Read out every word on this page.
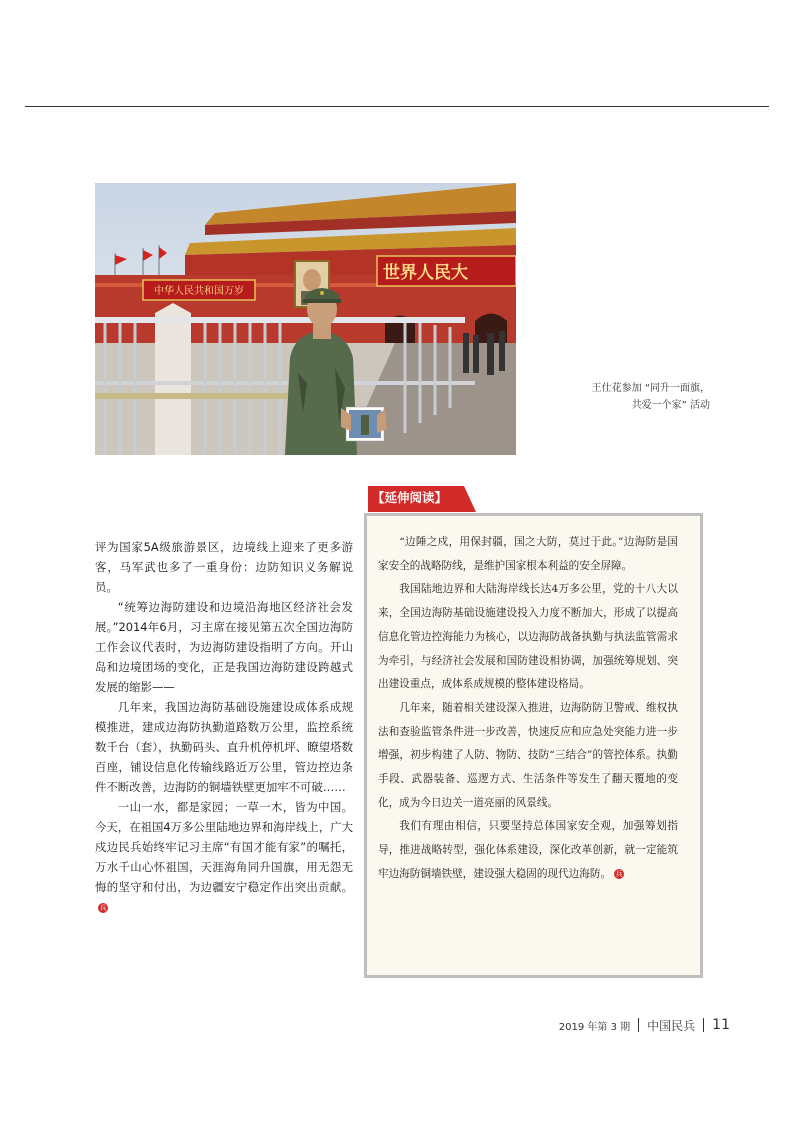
中华人民共和国万岁
世界人民大
王仕花参加 “同升一面旗，
共爱一个家” 活动

评为国家5A级旅游景区，边境线上迎来了更多游客，马军武也多了一重身份：边防知识义务解说员。

“统筹边海防建设和边境沿海地区经济社会发展。”2014年6月，习主席在接见第五次全国边海防工作会议代表时，为边海防建设指明了方向。开山岛和边境团场的变化，正是我国边海防建设跨越式发展的缩影——

几年来，我国边海防基础设施建设成体系成规模推进，建成边海防执勤道路数万公里，监控系统数千台（套），执勤码头、直升机停机坪、瞭望塔数百座，铺设信息化传输线路近万公里，管边控边条件不断改善，边海防的铜墙铁壁更加牢不可破……

一山一水，都是家园；一草一木，皆为中国。今天，在祖国4万多公里陆地边界和海岸线上，广大戍边民兵始终牢记习主席“有国才能有家”的嘱托，万水千山心怀祖国，天涯海角同升国旗，用无怨无悔的坚守和付出，为边疆安宁稳定作出突出贡献。兵

【延伸阅读】

“边陲之戍，用保封疆，国之大防，莫过于此。”边海防是国家安全的战略防线，是维护国家根本利益的安全屏障。

我国陆地边界和大陆海岸线长达4万多公里，党的十八大以来，全国边海防基础设施建设投入力度不断加大，形成了以提高信息化管边控海能力为核心，以边海防战备执勤与执法监管需求为牵引，与经济社会发展和国防建设相协调，加强统筹规划、突出建设重点，成体系成规模的整体建设格局。

几年来，随着相关建设深入推进，边海防防卫警戒、维权执法和查验监管条件进一步改善，快速反应和应急处突能力进一步增强，初步构建了人防、物防、技防“三结合”的管控体系。执勤手段、武器装备、巡逻方式、生活条件等发生了翻天覆地的变化，成为今日边关一道亮丽的风景线。

我们有理由相信，只要坚持总体国家安全观，加强筹划指导，推进战略转型，强化体系建设，深化改革创新，就一定能筑牢边海防铜墙铁壁，建设强大稳固的现代边海防。 兵

2019 年第 3 期 中国民兵 11
